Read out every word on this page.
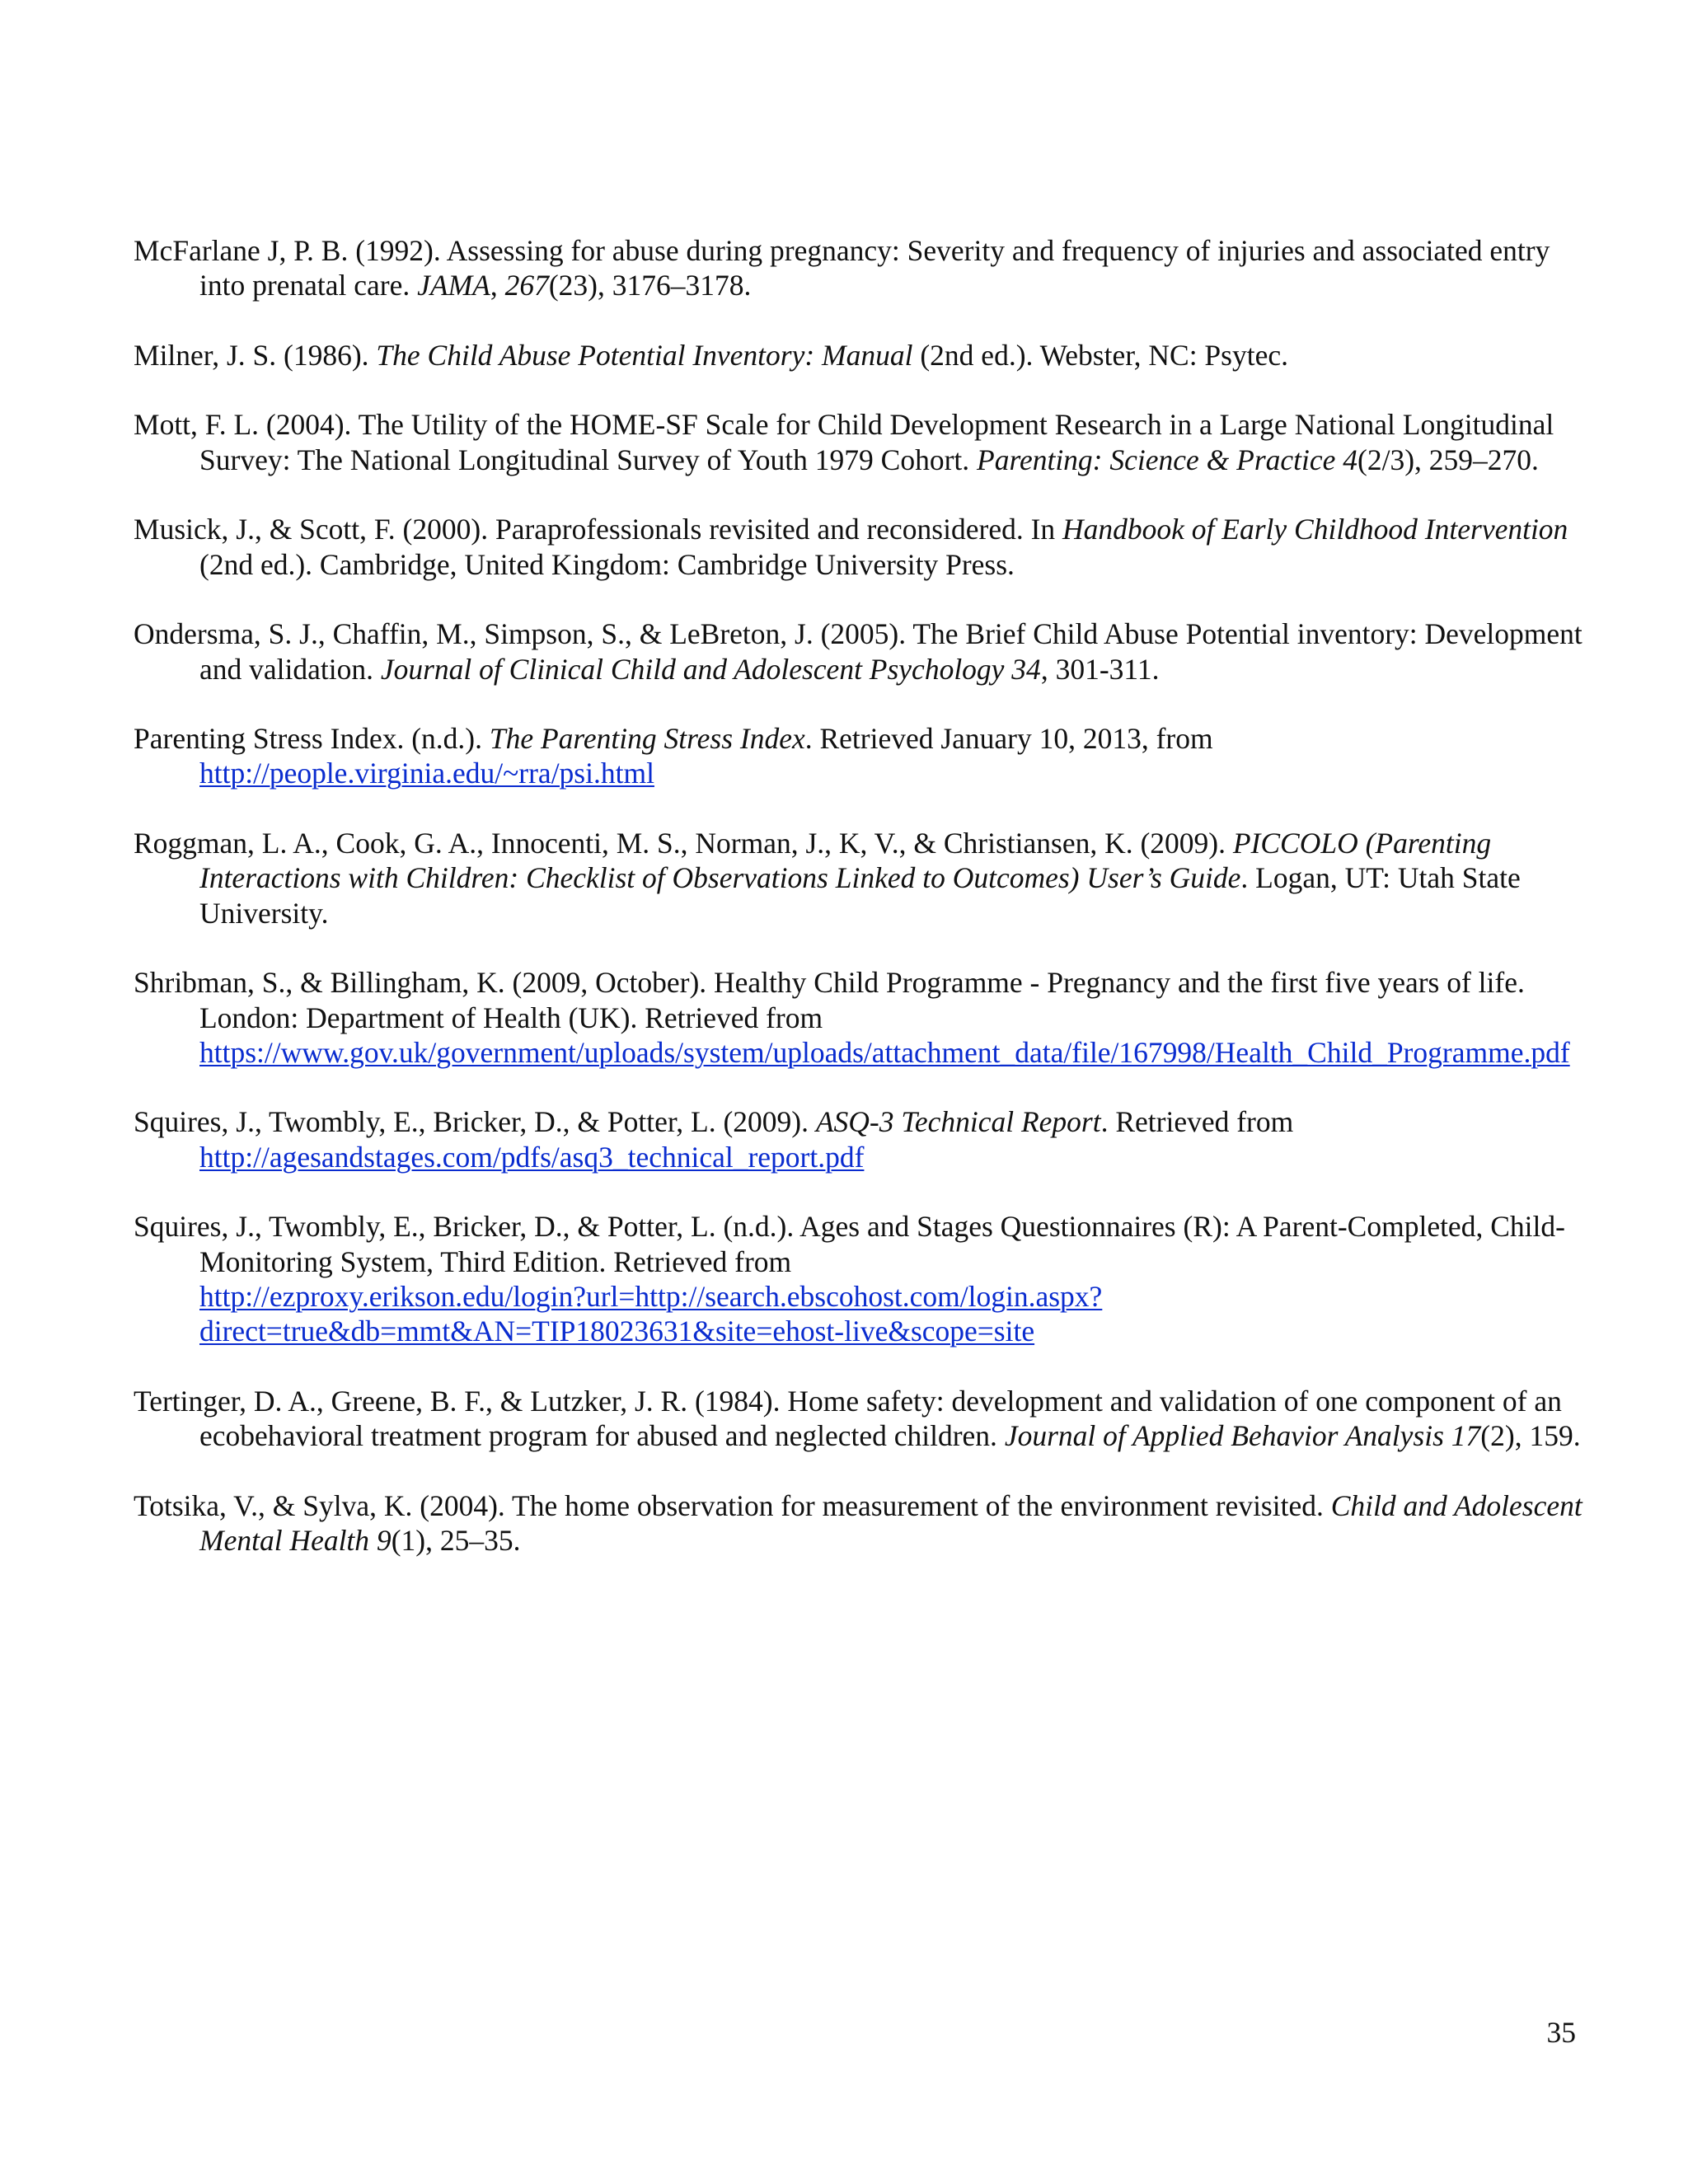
McFarlane J, P. B. (1992). Assessing for abuse during pregnancy: Severity and frequency of injuries and associated entry into prenatal care. JAMA, 267(23), 3176–3178.
Milner, J. S. (1986). The Child Abuse Potential Inventory: Manual (2nd ed.). Webster, NC: Psytec.
Mott, F. L. (2004). The Utility of the HOME-SF Scale for Child Development Research in a Large National Longitudinal Survey: The National Longitudinal Survey of Youth 1979 Cohort. Parenting: Science & Practice 4(2/3), 259–270.
Musick, J., & Scott, F. (2000). Paraprofessionals revisited and reconsidered. In Handbook of Early Childhood Intervention (2nd ed.). Cambridge, United Kingdom: Cambridge University Press.
Ondersma, S. J., Chaffin, M., Simpson, S., & LeBreton, J. (2005). The Brief Child Abuse Potential inventory: Development and validation. Journal of Clinical Child and Adolescent Psychology 34, 301-311.
Parenting Stress Index. (n.d.). The Parenting Stress Index. Retrieved January 10, 2013, from
http://people.virginia.edu/~rra/psi.html
Roggman, L. A., Cook, G. A., Innocenti, M. S., Norman, J., K, V., & Christiansen, K. (2009). PICCOLO (Parenting Interactions with Children: Checklist of Observations Linked to Outcomes) User’s Guide. Logan, UT: Utah State University.
Shribman, S., & Billingham, K. (2009, October). Healthy Child Programme - Pregnancy and the first five years of life. London: Department of Health (UK). Retrieved from
https://www.gov.uk/government/uploads/system/uploads/attachment_data/file/167998/Health_Child_Programme.pdf
Squires, J., Twombly, E., Bricker, D., & Potter, L. (2009). ASQ-3 Technical Report. Retrieved from
http://agesandstages.com/pdfs/asq3_technical_report.pdf
Squires, J., Twombly, E., Bricker, D., & Potter, L. (n.d.). Ages and Stages Questionnaires (R): A Parent-Completed, Child-Monitoring System, Third Edition. Retrieved from
http://ezproxy.erikson.edu/login?url=http://search.ebscohost.com/login.aspx?direct=true&db=mmt&AN=TIP18023631&site=ehost-live&scope=site
Tertinger, D. A., Greene, B. F., & Lutzker, J. R. (1984). Home safety: development and validation of one component of an ecobehavioral treatment program for abused and neglected children. Journal of Applied Behavior Analysis 17(2), 159.
Totsika, V., & Sylva, K. (2004). The home observation for measurement of the environment revisited. Child and Adolescent Mental Health 9(1), 25–35.
35
